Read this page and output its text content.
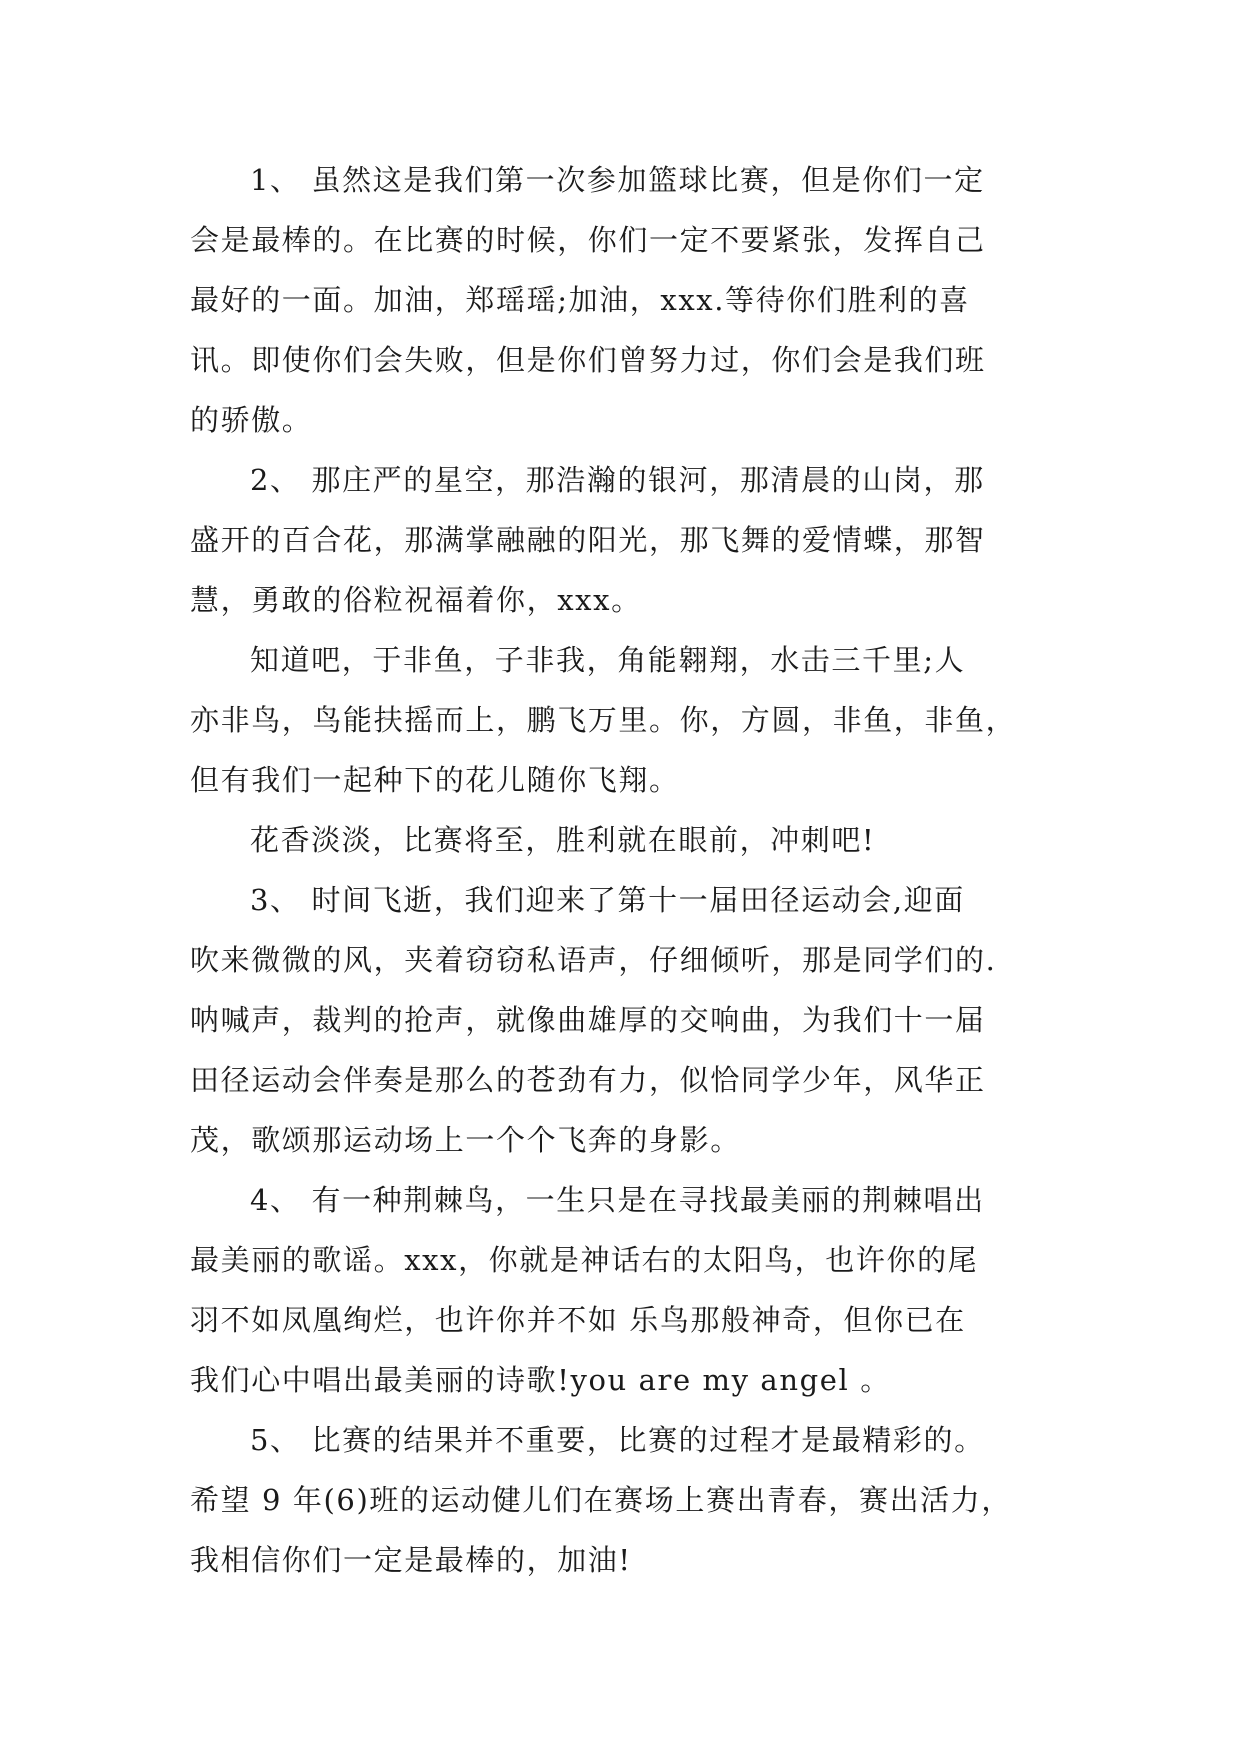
1、 虽然这是我们第一次参加篮球比赛，但是你们一定
会是最棒的。在比赛的时候，你们一定不要紧张，发挥自己
最好的一面。加油，郑瑶瑶;加油，xxx.等待你们胜利的喜
讯。即使你们会失败，但是你们曾努力过，你们会是我们班
的骄傲。

2、 那庄严的星空，那浩瀚的银河，那清晨的山岗，那
盛开的百合花，那满掌融融的阳光，那飞舞的爱情蝶，那智
慧，勇敢的俗粒祝福着你，xxx。

知道吧，于非鱼，子非我，角能翱翔，水击三千里;人
亦非鸟，鸟能扶摇而上，鹏飞万里。你，方圆，非鱼，非鱼，
但有我们一起种下的花儿随你飞翔。

花香淡淡，比赛将至，胜利就在眼前，冲刺吧!

3、 时间飞逝，我们迎来了第十一届田径运动会,迎面
吹来微微的风，夹着窃窃私语声，仔细倾听，那是同学们的.
呐喊声，裁判的抢声，就像曲雄厚的交响曲，为我们十一届
田径运动会伴奏是那么的苍劲有力，似恰同学少年，风华正
茂，歌颂那运动场上一个个飞奔的身影。

4、 有一种荆棘鸟，一生只是在寻找最美丽的荆棘唱出
最美丽的歌谣。xxx，你就是神话右的太阳鸟，也许你的尾
羽不如凤凰绚烂，也许你并不如 乐鸟那般神奇，但你已在
我们心中唱出最美丽的诗歌!you are my angel 。

5、 比赛的结果并不重要，比赛的过程才是最精彩的。
希望 9 年(6)班的运动健儿们在赛场上赛出青春，赛出活力，
我相信你们一定是最棒的，加油!
